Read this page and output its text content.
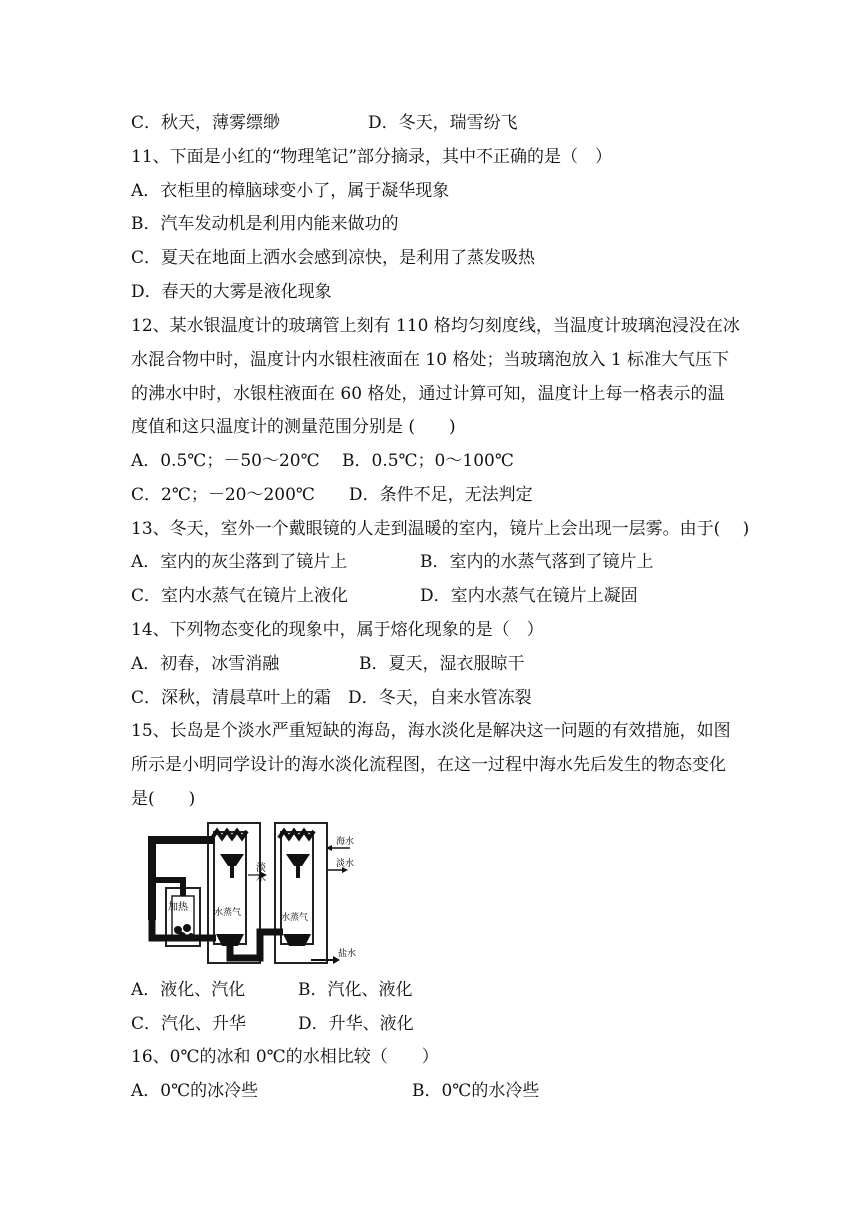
C．秋天，薄雾缥缈	D．冬天，瑞雪纷飞
11、下面是小红的“物理笔记”部分摘录，其中不正确的是（　）
A．衣柜里的樟脑球变小了，属于凝华现象
B．汽车发动机是利用内能来做功的
C．夏天在地面上洒水会感到凉快，是利用了蒸发吸热
D．春天的大雾是液化现象
12、某水银温度计的玻璃管上刻有 110 格均匀刻度线，当温度计玻璃泡浸没在冰
水混合物中时，温度计内水银柱液面在 10 格处；当玻璃泡放入 1 标准大气压下
的沸水中时，水银柱液面在 60 格处，通过计算可知，温度计上每一格表示的温
度值和这只温度计的测量范围分别是 (　　)
A．0.5℃；－50～20℃　 B．0.5℃；0～100℃
C．2℃；－20～200℃　　D．条件不足，无法判定
13、冬天，室外一个戴眼镜的人走到温暖的室内，镜片上会出现一层雾。由于(　 )
A．室内的灰尘落到了镜片上	B．室内的水蒸气落到了镜片上
C．室内水蒸气在镜片上液化	D．室内水蒸气在镜片上凝固
14、下列物态变化的现象中，属于熔化现象的是（　）
A．初春，冰雪消融	B．夏天，湿衣服晾干
C．深秋，清晨草叶上的霜　D．冬天，自来水管冻裂
15、长岛是个淡水严重短缺的海岛，海水淡化是解决这一问题的有效措施，如图
所示是小明同学设计的海水淡化流程图，在这一过程中海水先后发生的物态变化
是(　　)
加热	水蒸气	水蒸气
淡水
海水
淡水
盐水
A．液化、汽化	B．汽化、液化
C．汽化、升华	D．升华、液化
16、0℃的冰和 0℃的水相比较（　　）
A．0℃的冰冷些	B．0℃的水冷些
